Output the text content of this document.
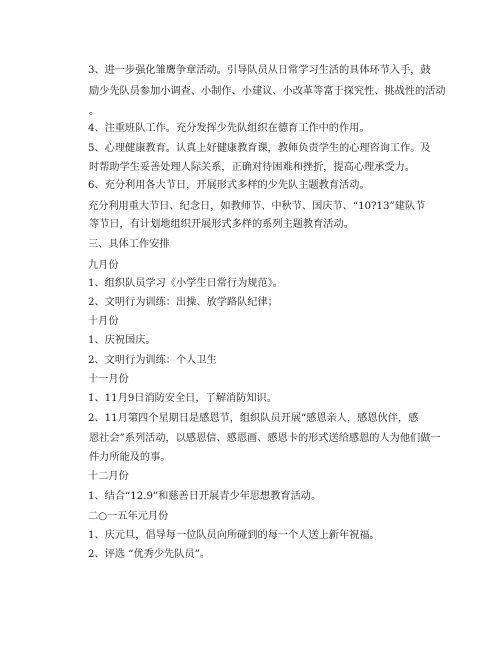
3、进一步强化雏鹰争章活动。引导队员从日常学习生活的具体环节入手，鼓

励少先队员参加小调查、小制作、小建议、小改革等富于探究性、挑战性的活动

。

4、注重班队工作。充分发挥少先队组织在德育工作中的作用。

5、心理健康教育。认真上好健康教育课，教师负责学生的心理咨询工作。及

时帮助学生妥善处理人际关系，正确对待困难和挫折，提高心理承受力。

6、充分利用各大节日，开展形式多样的少先队主题教育活动。

充分利用重大节日、纪念日，如教师节、中秋节、国庆节、“10?13”建队节

等节日，有计划地组织开展形式多样的系列主题教育活动。

三、具体工作安排

九月份

1、组织队员学习《小学生日常行为规范》。

2、文明行为训练：出操、放学路队纪律；

十月份

1、庆祝国庆。

2、文明行为训练：个人卫生

十一月份

1、11月9日消防安全日，了解消防知识。

2、11月第四个星期日是感恩节，组织队员开展“感恩亲人，感恩伙伴，感

恩社会”系列活动，以感恩信、感恩画、感恩卡的形式送给感恩的人为他们做一

件力所能及的事。

十二月份

1、结合“12.9”和慈善日开展青少年思想教育活动。

二○一五年元月份

1、庆元旦，倡导每一位队员向所碰到的每一个人送上新年祝福。

2、评选 “优秀少先队员”。
